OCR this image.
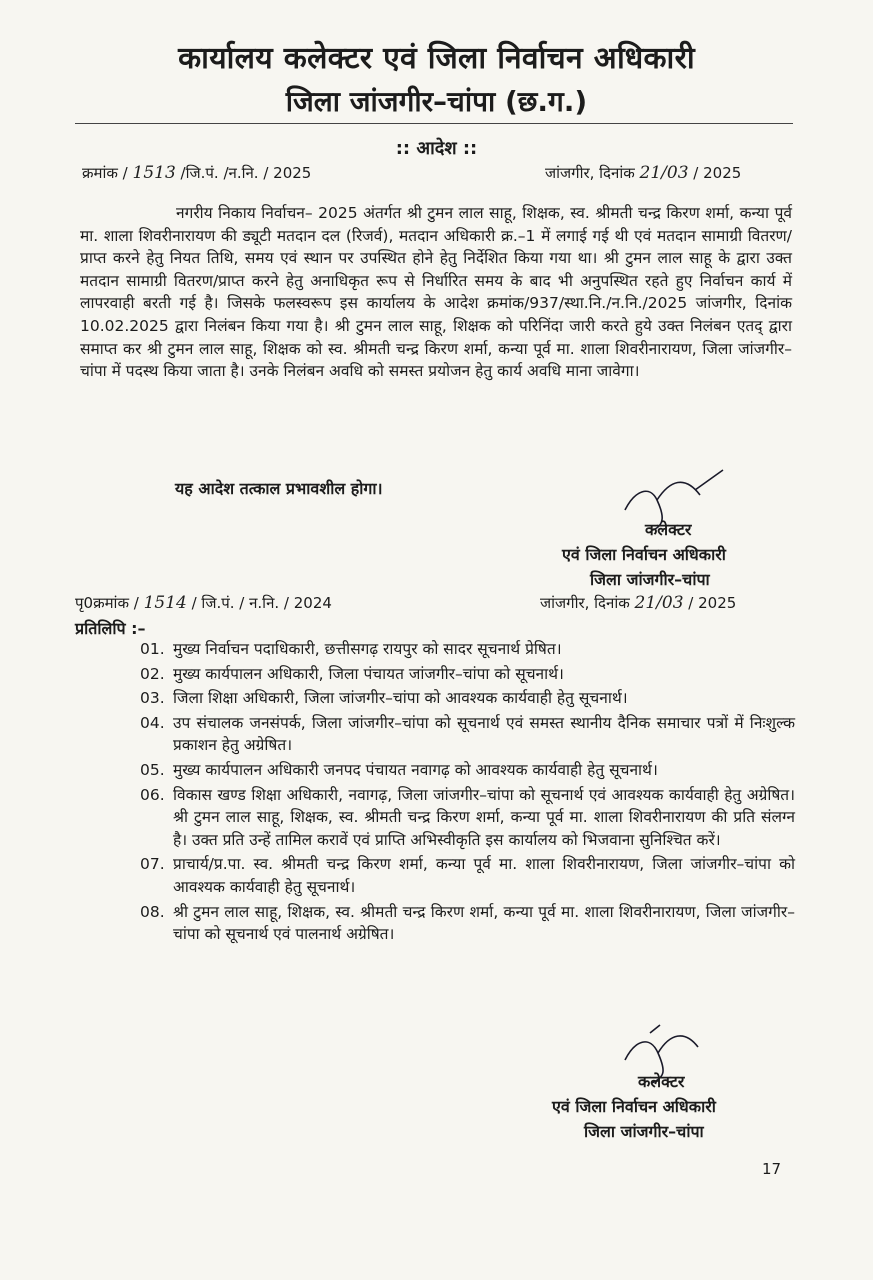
कार्यालय कलेक्टर एवं जिला निर्वाचन अधिकारी
जिला जांजगीर–चांपा (छ.ग.)
:: आदेश ::
क्रमांक / 1513 /जि.पं. /न.नि. / 2025	जांजगीर, दिनांक 21/03 / 2025
नगरीय निकाय निर्वाचन– 2025 अंतर्गत श्री टुमन लाल साहू, शिक्षक, स्व. श्रीमती चन्द्र किरण शर्मा, कन्या पूर्व मा. शाला शिवरीनारायण की ड्यूटी मतदान दल (रिजर्व), मतदान अधिकारी क्र.–1 में लगाई गई थी एवं मतदान सामाग्री वितरण/प्राप्त करने हेतु नियत तिथि, समय एवं स्थान पर उपस्थित होने हेतु निर्देशित किया गया था। श्री टुमन लाल साहू के द्वारा उक्त मतदान सामाग्री वितरण/प्राप्त करने हेतु अनाधिकृत रूप से निर्धारित समय के बाद भी अनुपस्थित रहते हुए निर्वाचन कार्य में लापरवाही बरती गई है। जिसके फलस्वरूप इस कार्यालय के आदेश क्रमांक/937/स्था.नि./न.नि./2025 जांजगीर, दिनांक 10.02.2025 द्वारा निलंबन किया गया है। श्री टुमन लाल साहू, शिक्षक को परिनिंदा जारी करते हुये उक्त निलंबन एतद् द्वारा समाप्त कर श्री टुमन लाल साहू, शिक्षक को स्व. श्रीमती चन्द्र किरण शर्मा, कन्या पूर्व मा. शाला शिवरीनारायण, जिला जांजगीर–चांपा में पदस्थ किया जाता है। उनके निलंबन अवधि को समस्त प्रयोजन हेतु कार्य अवधि माना जावेगा।
यह आदेश तत्काल प्रभावशील होगा।
कलेक्टर
एवं जिला निर्वाचन अधिकारी
जिला जांजगीर–चांपा
पृ0क्रमांक / 1514 / जि.पं. / न.नि. / 2024	जांजगीर, दिनांक 21/03 / 2025
प्रतिलिपि :–
01. मुख्य निर्वाचन पदाधिकारी, छत्तीसगढ़ रायपुर को सादर सूचनार्थ प्रेषित।
02. मुख्य कार्यपालन अधिकारी, जिला पंचायत जांजगीर–चांपा को सूचनार्थ।
03. जिला शिक्षा अधिकारी, जिला जांजगीर–चांपा को आवश्यक कार्यवाही हेतु सूचनार्थ।
04. उप संचालक जनसंपर्क, जिला जांजगीर–चांपा को सूचनार्थ एवं समस्त स्थानीय दैनिक समाचार पत्रों में निःशुल्क प्रकाशन हेतु अग्रेषित।
05. मुख्य कार्यपालन अधिकारी जनपद पंचायत नवागढ़ को आवश्यक कार्यवाही हेतु सूचनार्थ।
06. विकास खण्ड शिक्षा अधिकारी, नवागढ़, जिला जांजगीर–चांपा को सूचनार्थ एवं आवश्यक कार्यवाही हेतु अग्रेषित। श्री टुमन लाल साहू, शिक्षक, स्व. श्रीमती चन्द्र किरण शर्मा, कन्या पूर्व मा. शाला शिवरीनारायण की प्रति संलग्न है। उक्त प्रति उन्हें तामिल करावें एवं प्राप्ति अभिस्वीकृति इस कार्यालय को भिजवाना सुनिश्चित करें।
07. प्राचार्य/प्र.पा. स्व. श्रीमती चन्द्र किरण शर्मा, कन्या पूर्व मा. शाला शिवरीनारायण, जिला जांजगीर–चांपा को आवश्यक कार्यवाही हेतु सूचनार्थ।
08. श्री टुमन लाल साहू, शिक्षक, स्व. श्रीमती चन्द्र किरण शर्मा, कन्या पूर्व मा. शाला शिवरीनारायण, जिला जांजगीर–चांपा को सूचनार्थ एवं पालनार्थ अग्रेषित।
कलेक्टर
एवं जिला निर्वाचन अधिकारी
जिला जांजगीर–चांपा
17
